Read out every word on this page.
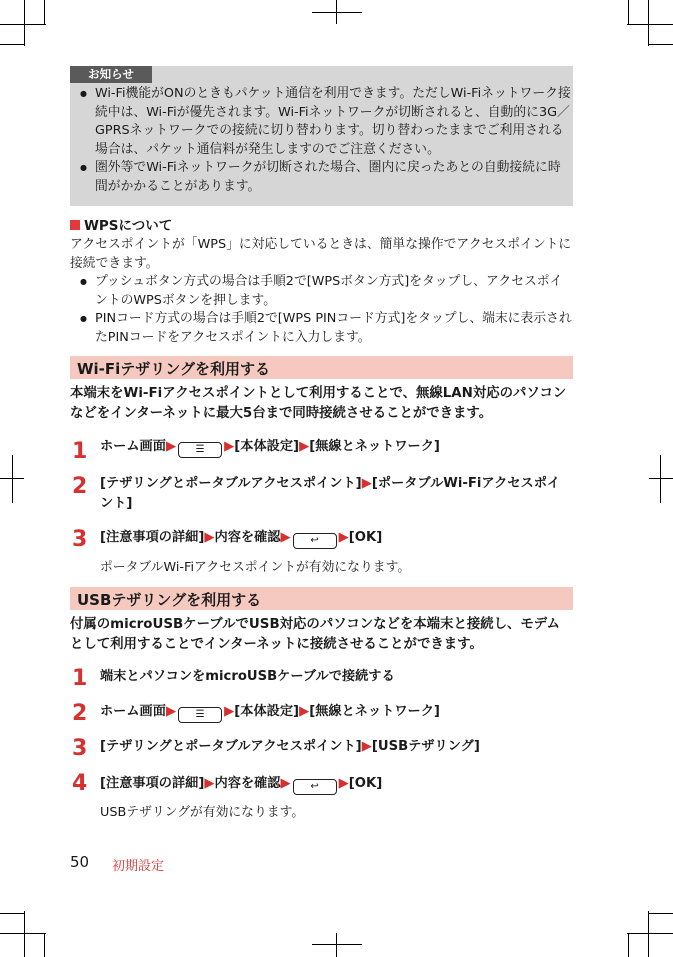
お知らせ

● Wi-Fi機能がONのときもパケット通信を利用できます。ただしWi-Fiネットワーク接続中は、Wi-Fiが優先されます。Wi-Fiネットワークが切断されると、自動的に3G／GPRSネットワークでの接続に切り替わります。切り替わったままでご利用される場合は、パケット通信料が発生しますのでご注意ください。

● 圏外等でWi-Fiネットワークが切断された場合、圏内に戻ったあとの自動接続に時間がかかることがあります。

WPSについて
アクセスポイントが「WPS」に対応しているときは、簡単な操作でアクセスポイントに接続できます。

● プッシュボタン方式の場合は手順2で[WPSボタン方式]をタップし、アクセスポイントのWPSボタンを押します。

● PINコード方式の場合は手順2で[WPS PINコード方式]をタップし、端末に表示されたPINコードをアクセスポイントに入力します。

Wi-Fiテザリングを利用する
本端末をWi-Fiアクセスポイントとして利用することで、無線LAN対応のパソコンなどをインターネットに最大5台まで同時接続させることができます。
1 ホーム画面▶ ☰ ▶[本体設定]▶[無線とネットワーク]
2 [テザリングとポータブルアクセスポイント]▶[ポータブルWi-Fiアクセスポイント]
3 [注意事項の詳細]▶内容を確認▶ ↩ ▶[OK]
ポータブルWi-Fiアクセスポイントが有効になります。
USBテザリングを利用する
付属のmicroUSBケーブルでUSB対応のパソコンなどを本端末と接続し、モデムとして利用することでインターネットに接続させることができます。
1 端末とパソコンをmicroUSBケーブルで接続する
2 ホーム画面▶ ☰ ▶[本体設定]▶[無線とネットワーク]
3 [テザリングとポータブルアクセスポイント]▶[USBテザリング]
4 [注意事項の詳細]▶内容を確認▶ ↩ ▶[OK]
USBテザリングが有効になります。
50 初期設定
